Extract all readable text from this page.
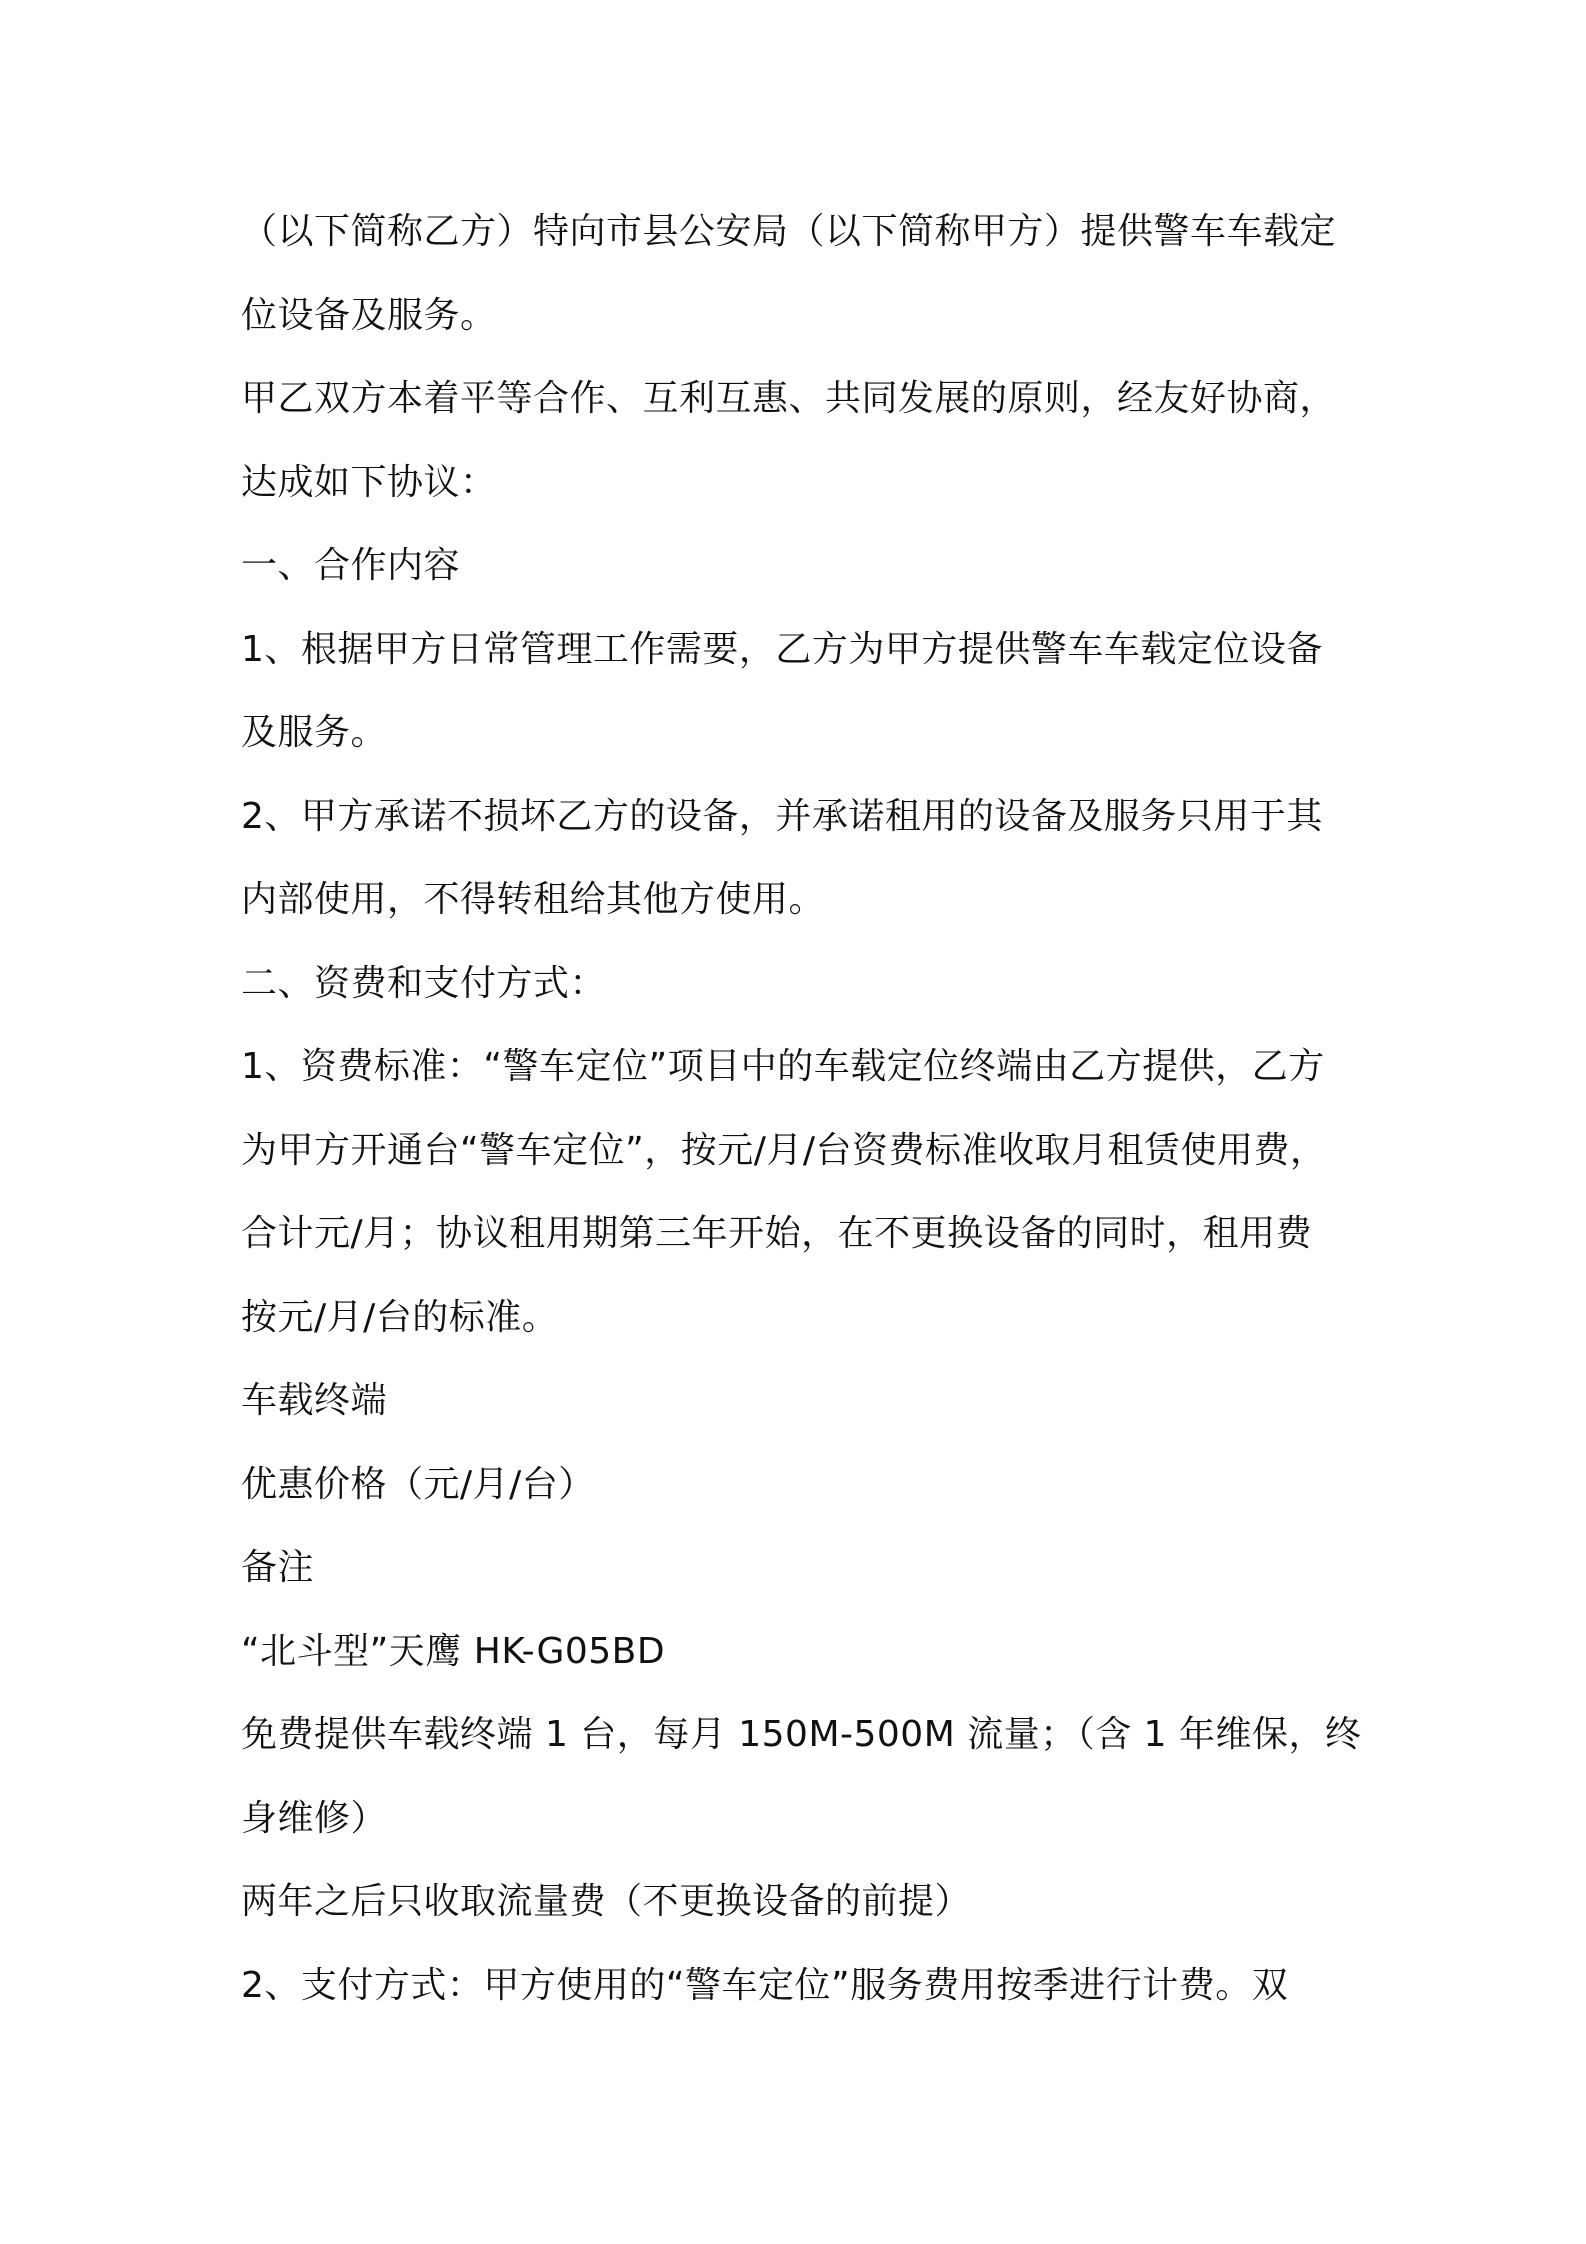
（以下简称乙方）特向市县公安局（以下简称甲方）提供警车车载定

位设备及服务。

甲乙双方本着平等合作、互利互惠、共同发展的原则，经友好协商，

达成如下协议：

一、合作内容

1、根据甲方日常管理工作需要，乙方为甲方提供警车车载定位设备

及服务。

2、甲方承诺不损坏乙方的设备，并承诺租用的设备及服务只用于其

内部使用，不得转租给其他方使用。

二、资费和支付方式：

1、资费标准：“警车定位”项目中的车载定位终端由乙方提供，乙方

为甲方开通台“警车定位”，按元/月/台资费标准收取月租赁使用费，

合计元/月；协议租用期第三年开始，在不更换设备的同时，租用费

按元/月/台的标准。

车载终端

优惠价格（元/月/台）

备注

“北斗型”天鹰 HK-G05BD

免费提供车载终端 1 台，每月 150M-500M 流量；（含 1 年维保，终

身维修）

两年之后只收取流量费（不更换设备的前提）

2、支付方式：甲方使用的“警车定位”服务费用按季进行计费。双
